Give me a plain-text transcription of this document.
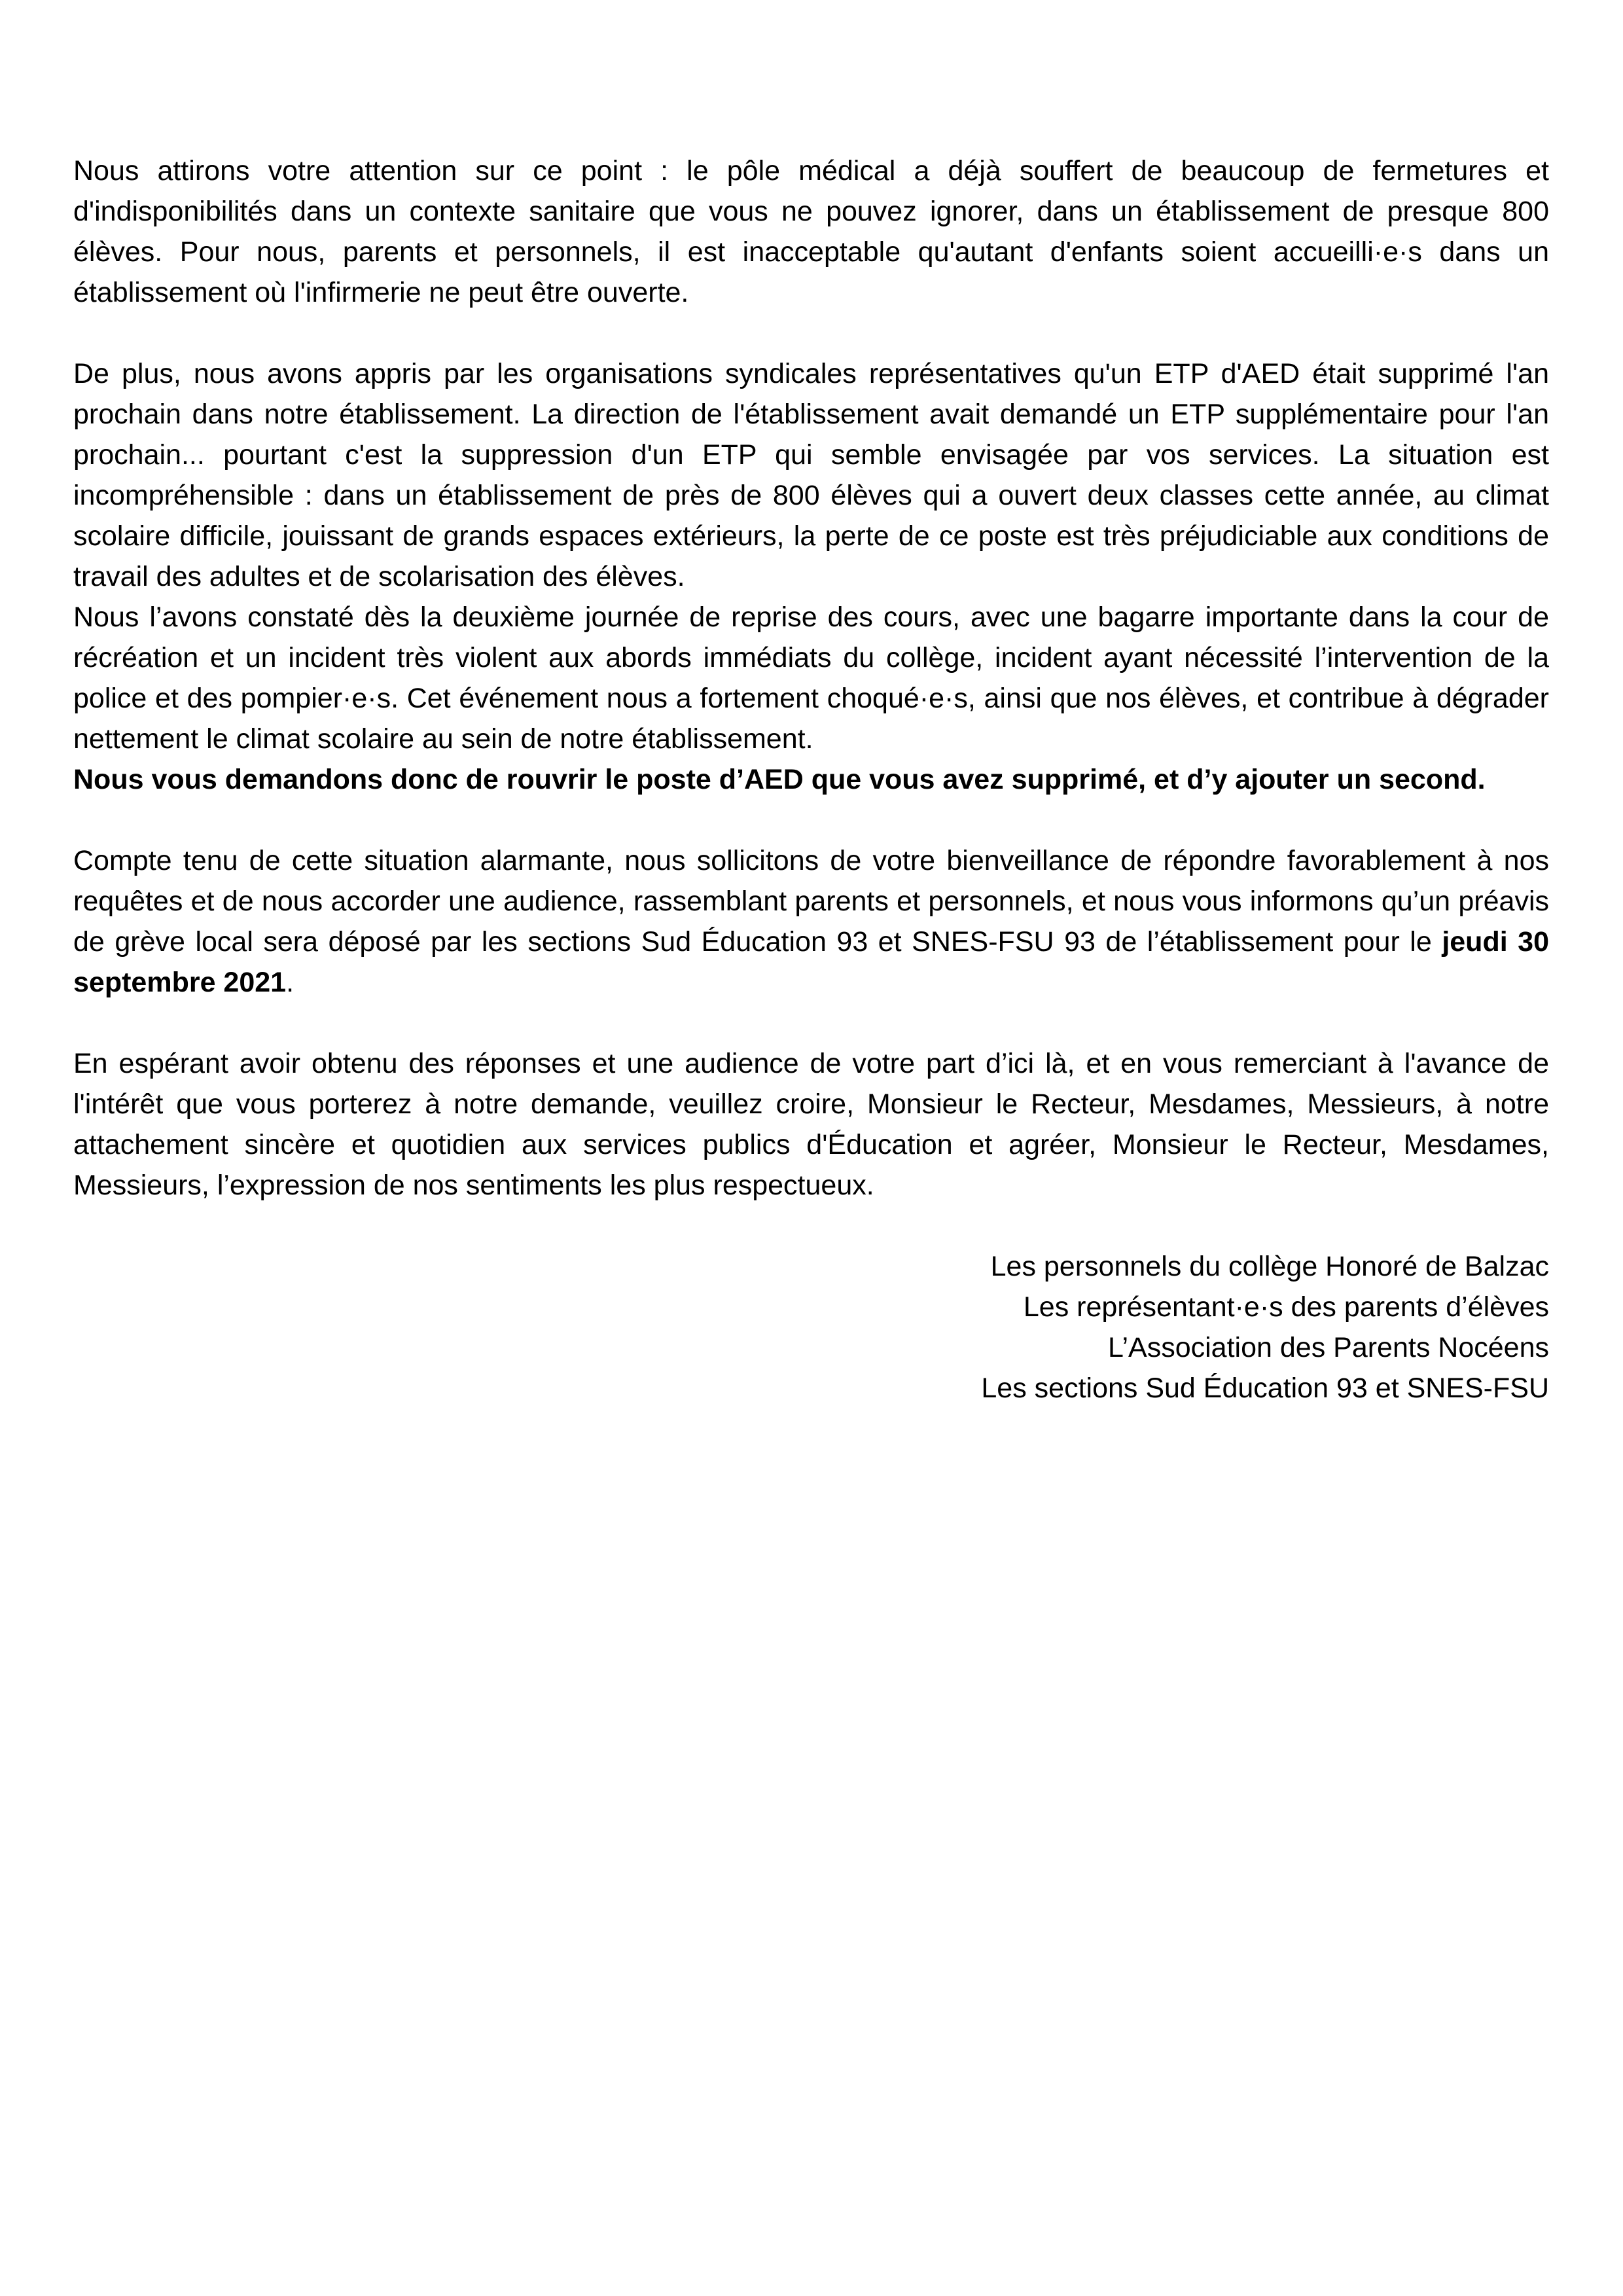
Nous attirons votre attention sur ce point : le pôle médical a déjà souffert de beaucoup de fermetures et d'indisponibilités dans un contexte sanitaire que vous ne pouvez ignorer, dans un établissement de presque 800 élèves. Pour nous, parents et personnels, il est inacceptable qu'autant d'enfants soient accueilli·e·s dans un établissement où l'infirmerie ne peut être ouverte.

De plus, nous avons appris par les organisations syndicales représentatives qu'un ETP d'AED était supprimé l'an prochain dans notre établissement. La direction de l'établissement avait demandé un ETP supplémentaire pour l'an prochain... pourtant c'est la suppression d'un ETP qui semble envisagée par vos services. La situation est incompréhensible : dans un établissement de près de 800 élèves qui a ouvert deux classes cette année, au climat scolaire difficile, jouissant de grands espaces extérieurs, la perte de ce poste est très préjudiciable aux conditions de travail des adultes et de scolarisation des élèves.

Nous l’avons constaté dès la deuxième journée de reprise des cours, avec une bagarre importante dans la cour de récréation et un incident très violent aux abords immédiats du collège, incident ayant nécessité l’intervention de la police et des pompier·e·s. Cet événement nous a fortement choqué·e·s, ainsi que nos élèves, et contribue à dégrader nettement le climat scolaire au sein de notre établissement.

Nous vous demandons donc de rouvrir le poste d’AED que vous avez supprimé, et d’y ajouter un second.

Compte tenu de cette situation alarmante, nous sollicitons de votre bienveillance de répondre favorablement à nos requêtes et de nous accorder une audience, rassemblant parents et personnels, et nous vous informons qu’un préavis de grève local sera déposé par les sections Sud Éducation 93 et SNES-FSU 93 de l’établissement pour le jeudi 30 septembre 2021.

En espérant avoir obtenu des réponses et une audience de votre part d’ici là, et en vous remerciant à l'avance de l'intérêt que vous porterez à notre demande, veuillez croire, Monsieur le Recteur, Mesdames, Messieurs, à notre attachement sincère et quotidien aux services publics d'Éducation et agréer, Monsieur le Recteur, Mesdames, Messieurs, l’expression de nos sentiments les plus respectueux.

Les personnels du collège Honoré de Balzac
Les représentant·e·s des parents d’élèves
L’Association des Parents Nocéens
Les sections Sud Éducation 93 et SNES-FSU
